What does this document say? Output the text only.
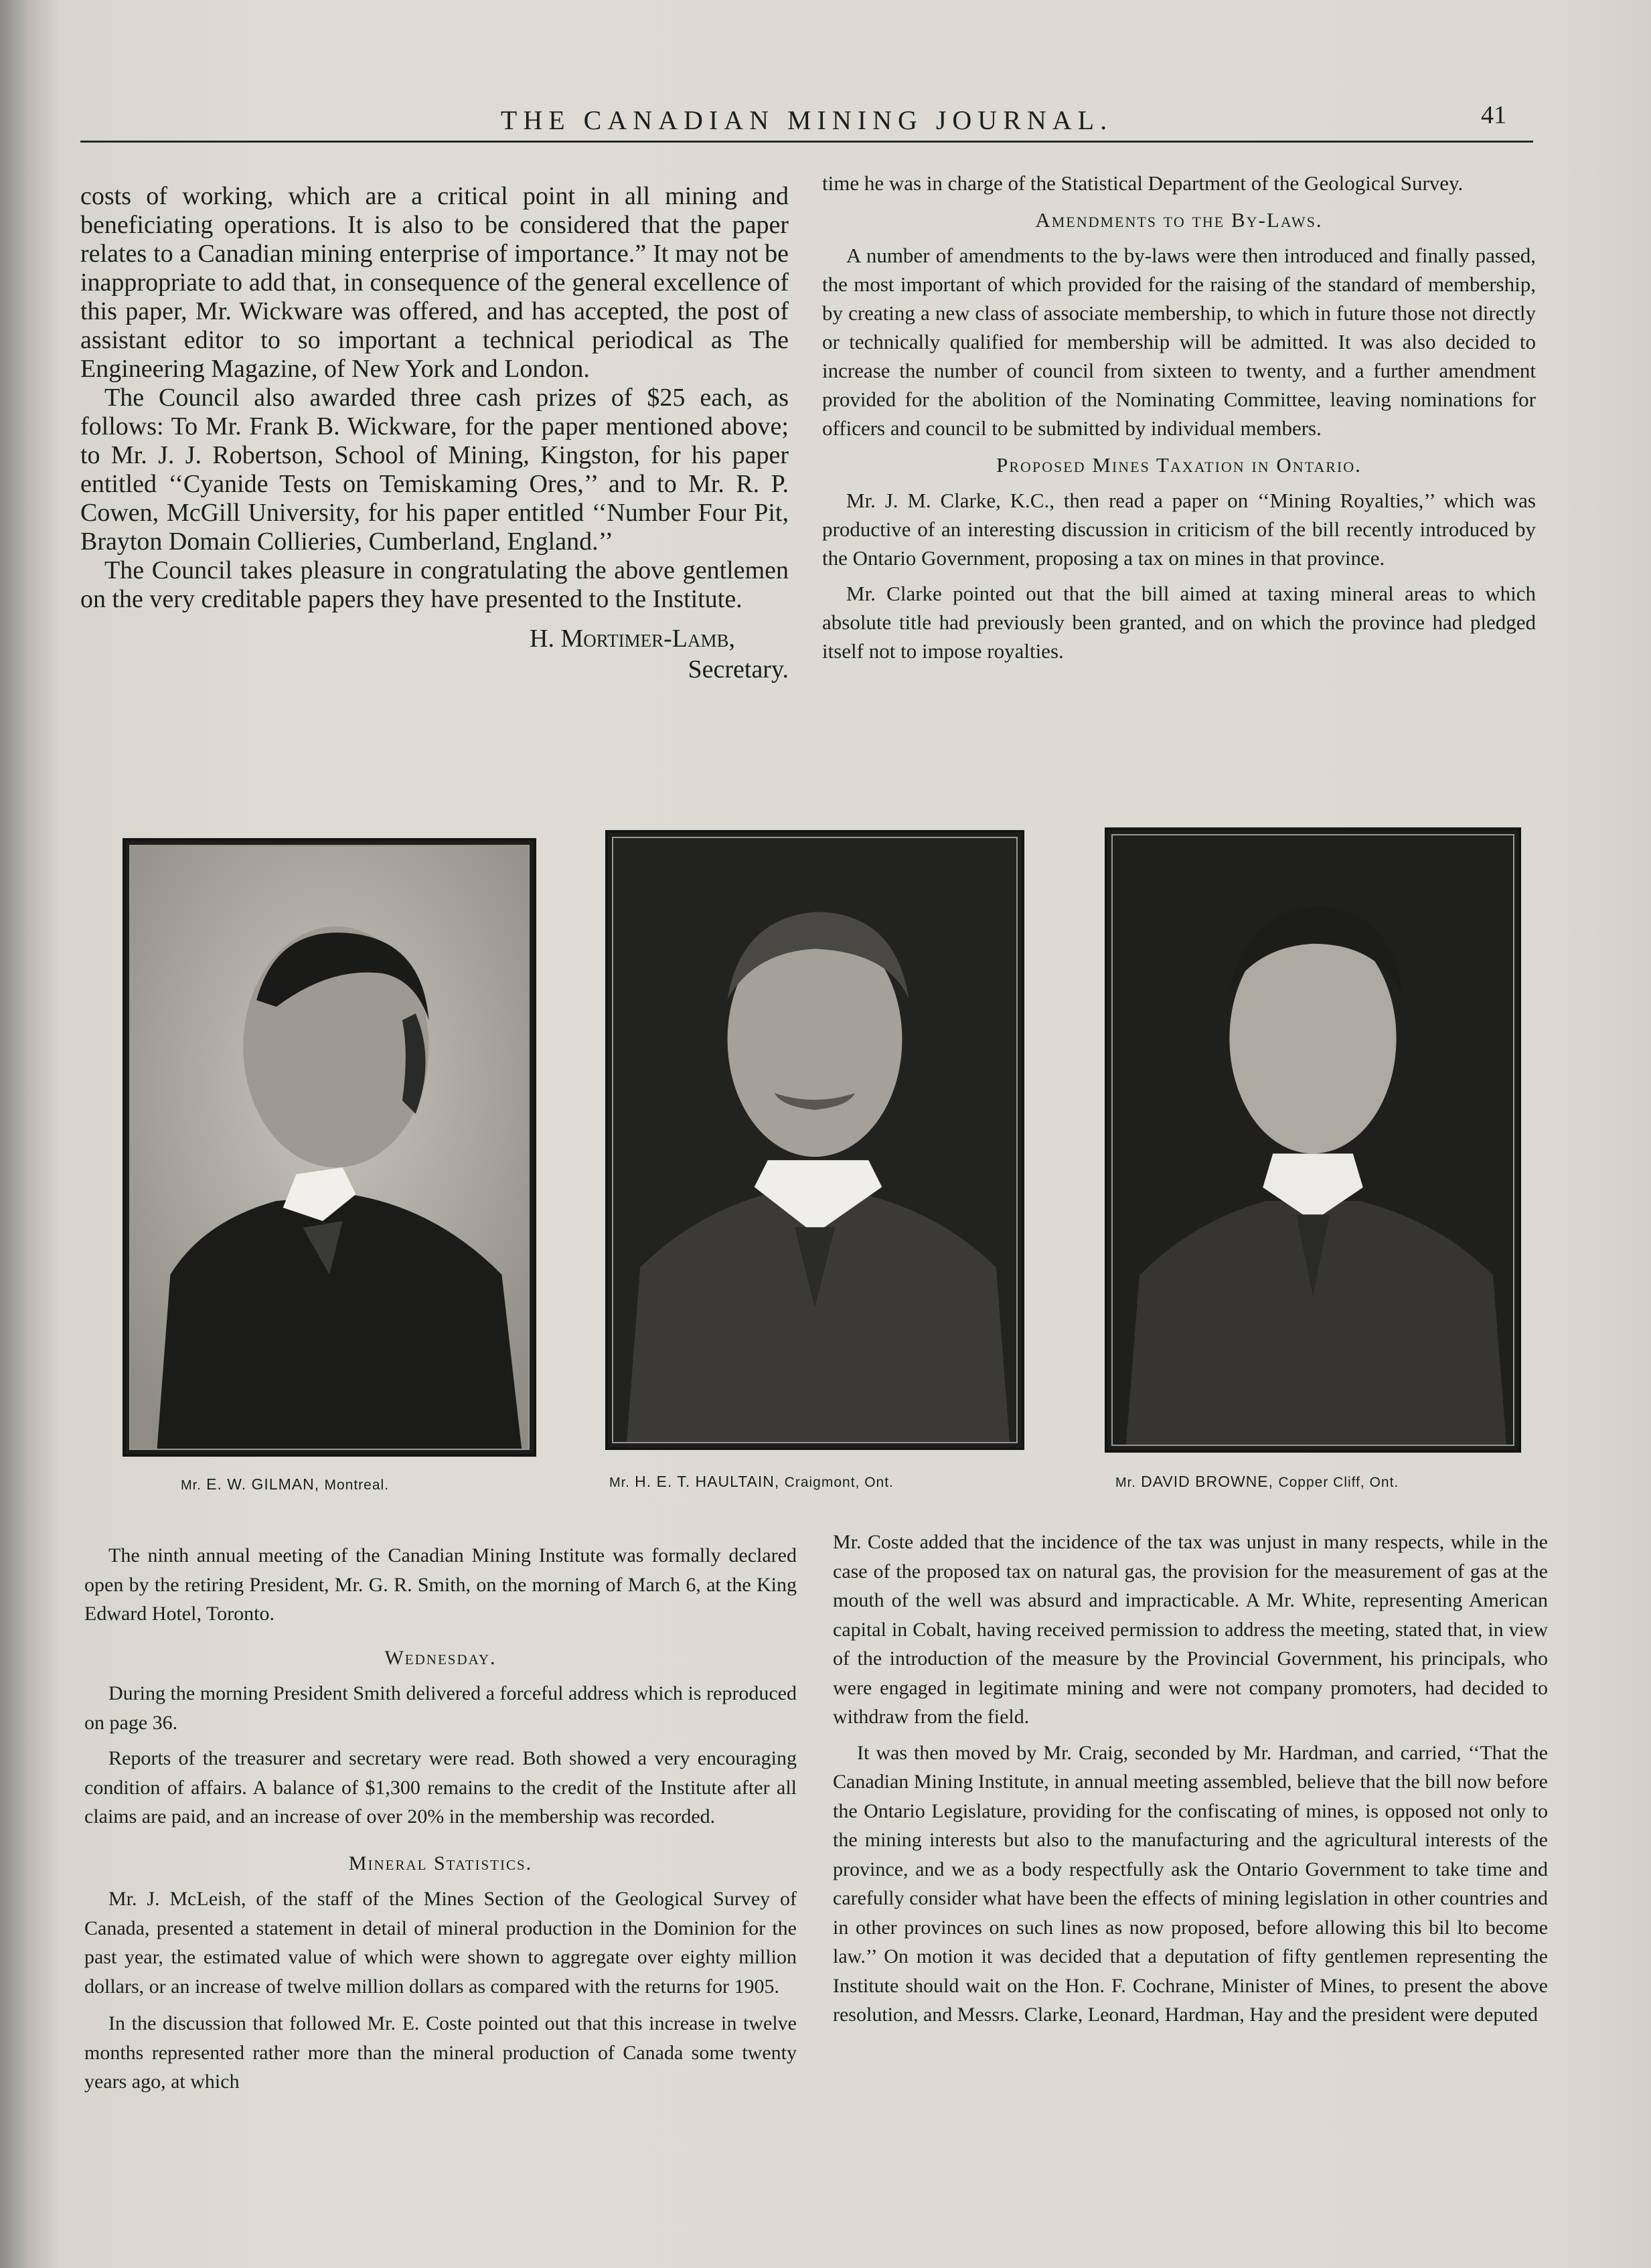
THE CANADIAN MINING JOURNAL.	41

costs of working, which are a critical point in all mining and beneficiating operations. It is also to be considered that the paper relates to a Canadian mining enterprise of importance.” It may not be inappropriate to add that, in consequence of the general excellence of this paper, Mr. Wickware was offered, and has accepted, the post of assistant editor to so important a technical periodical as The Engineering Magazine, of New York and London.

The Council also awarded three cash prizes of $25 each, as follows: To Mr. Frank B. Wickware, for the paper mentioned above; to Mr. J. J. Robertson, School of Mining, Kingston, for his paper entitled ‘‘Cyanide Tests on Temiskaming Ores,’’ and to Mr. R. P. Cowen, McGill University, for his paper entitled ‘‘Number Four Pit, Brayton Domain Collieries, Cumberland, England.’’

The Council takes pleasure in congratulating the above gentlemen on the very creditable papers they have presented to the Institute.

H. Mortimer-Lamb,
Secretary.

time he was in charge of the Statistical Department of the Geological Survey.

Amendments to the By-Laws.

A number of amendments to the by-laws were then introduced and finally passed, the most important of which provided for the raising of the standard of membership, by creating a new class of associate membership, to which in future those not directly or technically qualified for membership will be admitted. It was also decided to increase the number of council from sixteen to twenty, and a further amendment provided for the abolition of the Nominating Committee, leaving nominations for officers and council to be submitted by individual members.

Proposed Mines Taxation in Ontario.

Mr. J. M. Clarke, K.C., then read a paper on ‘‘Mining Royalties,’’ which was productive of an interesting discussion in criticism of the bill recently introduced by the Ontario Government, proposing a tax on mines in that province.

Mr. Clarke pointed out that the bill aimed at taxing mineral areas to which absolute title had previously been granted, and on which the province had pledged itself not to impose royalties.

Mr. E. W. GILMAN, Montreal.	Mr. H. E. T. HAULTAIN, Craigmont, Ont.	Mr. DAVID BROWNE, Copper Cliff, Ont.

The ninth annual meeting of the Canadian Mining Institute was formally declared open by the retiring President, Mr. G. R. Smith, on the morning of March 6, at the King Edward Hotel, Toronto.

Wednesday.

During the morning President Smith delivered a forceful address which is reproduced on page 36.

Reports of the treasurer and secretary were read. Both showed a very encouraging condition of affairs. A balance of $1,300 remains to the credit of the Institute after all claims are paid, and an increase of over 20% in the membership was recorded.

Mineral Statistics.

Mr. J. McLeish, of the staff of the Mines Section of the Geological Survey of Canada, presented a statement in detail of mineral production in the Dominion for the past year, the estimated value of which were shown to aggregate over eighty million dollars, or an increase of twelve million dollars as compared with the returns for 1905.

In the discussion that followed Mr. E. Coste pointed out that this increase in twelve months represented rather more than the mineral production of Canada some twenty years ago, at which

Mr. Coste added that the incidence of the tax was unjust in many respects, while in the case of the proposed tax on natural gas, the provision for the measurement of gas at the mouth of the well was absurd and impracticable. A Mr. White, representing American capital in Cobalt, having received permission to address the meeting, stated that, in view of the introduction of the measure by the Provincial Government, his principals, who were engaged in legitimate mining and were not company promoters, had decided to withdraw from the field.

It was then moved by Mr. Craig, seconded by Mr. Hardman, and carried, ‘‘That the Canadian Mining Institute, in annual meeting assembled, believe that the bill now before the Ontario Legislature, providing for the confiscating of mines, is opposed not only to the mining interests but also to the manufacturing and the agricultural interests of the province, and we as a body respectfully ask the Ontario Government to take time and carefully consider what have been the effects of mining legislation in other countries and in other provinces on such lines as now proposed, before allowing this bil lto become law.’’ On motion it was decided that a deputation of fifty gentlemen representing the Institute should wait on the Hon. F. Cochrane, Minister of Mines, to present the above resolution, and Messrs. Clarke, Leonard, Hardman, Hay and the president were deputed
